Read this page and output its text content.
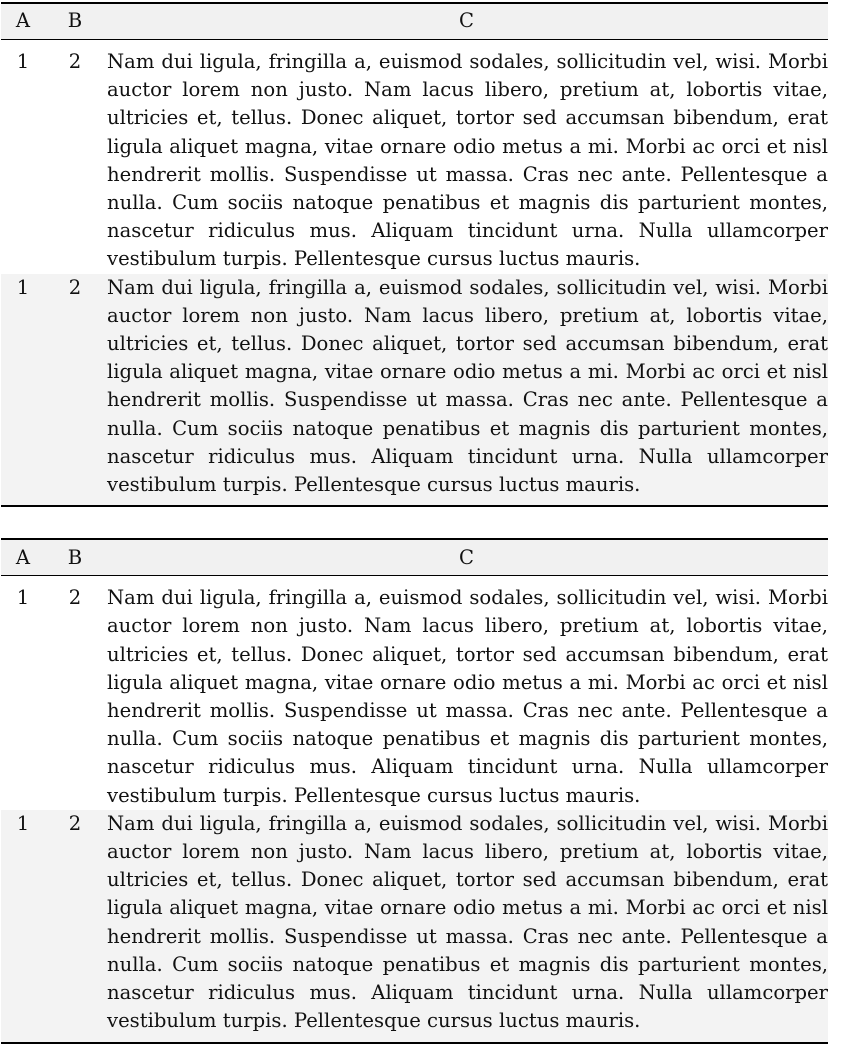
A	B	C
1	2	Nam dui ligula, fringilla a, euismod sodales, sollicitudin vel, wisi. Morbi auctor lorem non justo. Nam lacus libero, pretium at, lobortis vitae, ultricies et, tellus. Donec aliquet, tortor sed accumsan bibendum, erat ligula aliquet magna, vitae ornare odio metus a mi. Morbi ac orci et nisl hendrerit mollis. Suspendisse ut massa. Cras nec ante. Pellentesque a nulla. Cum sociis natoque penatibus et magnis dis parturient montes, nascetur ridiculus mus. Aliquam tincidunt urna. Nulla ullamcorper vestibulum turpis. Pellentesque cursus luctus mauris.

1	2	Nam dui ligula, fringilla a, euismod sodales, sollicitudin vel, wisi. Morbi auctor lorem non justo. Nam lacus libero, pretium at, lobortis vitae, ultricies et, tellus. Donec aliquet, tortor sed accumsan bibendum, erat ligula aliquet magna, vitae ornare odio metus a mi. Morbi ac orci et nisl hendrerit mollis. Suspendisse ut massa. Cras nec ante. Pellentesque a nulla. Cum sociis natoque penatibus et magnis dis parturient montes, nascetur ridiculus mus. Aliquam tincidunt urna. Nulla ullamcorper vestibulum turpis. Pellentesque cursus luctus mauris.
A	B	C
1	2	Nam dui ligula, fringilla a, euismod sodales, sollicitudin vel, wisi. Morbi auctor lorem non justo. Nam lacus libero, pretium at, lobortis vitae, ultricies et, tellus. Donec aliquet, tortor sed accumsan bibendum, erat ligula aliquet magna, vitae ornare odio metus a mi. Morbi ac orci et nisl hendrerit mollis. Suspendisse ut massa. Cras nec ante. Pellentesque a nulla. Cum sociis natoque penatibus et magnis dis parturient montes, nascetur ridiculus mus. Aliquam tincidunt urna. Nulla ullamcorper vestibulum turpis. Pellentesque cursus luctus mauris.

1	2	Nam dui ligula, fringilla a, euismod sodales, sollicitudin vel, wisi. Morbi auctor lorem non justo. Nam lacus libero, pretium at, lobortis vitae, ultricies et, tellus. Donec aliquet, tortor sed accumsan bibendum, erat ligula aliquet magna, vitae ornare odio metus a mi. Morbi ac orci et nisl hendrerit mollis. Suspendisse ut massa. Cras nec ante. Pellentesque a nulla. Cum sociis natoque penatibus et magnis dis parturient montes, nascetur ridiculus mus. Aliquam tincidunt urna. Nulla ullamcorper vestibulum turpis. Pellentesque cursus luctus mauris.
